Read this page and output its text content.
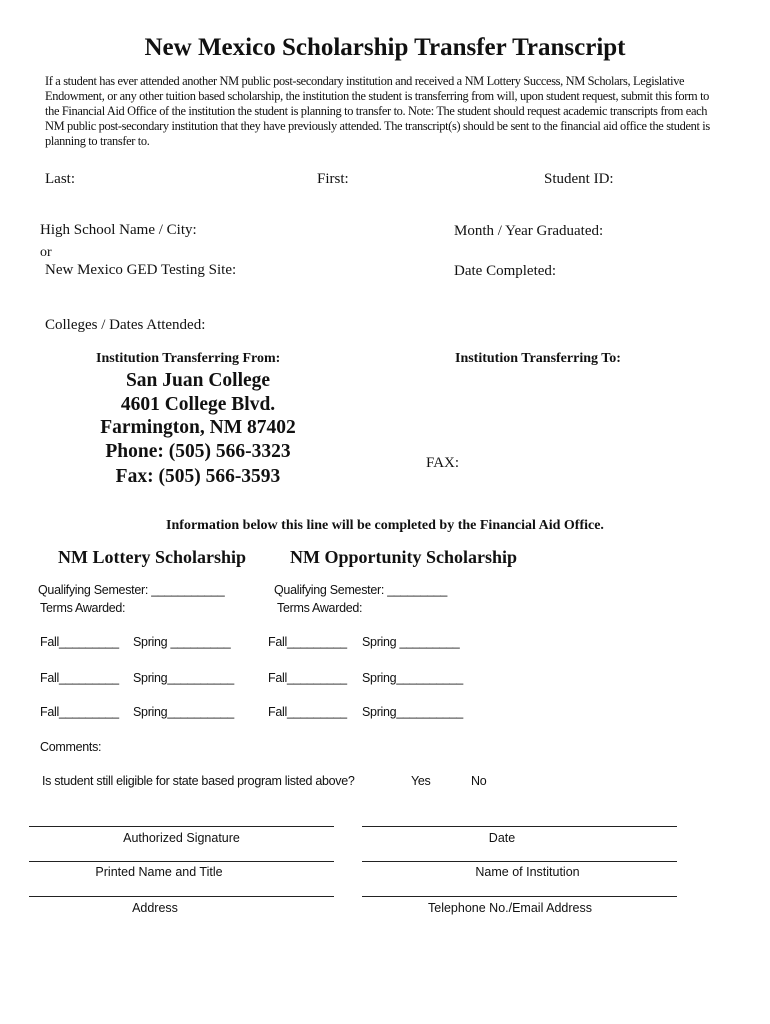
New Mexico Scholarship Transfer Transcript
If a student has ever attended another NM public post-secondary institution and received a NM Lottery Success, NM Scholars, Legislative Endowment, or any other tuition based scholarship, the institution the student is transferring from will, upon student request, submit this form to the Financial Aid Office of the institution the student is planning to transfer to. Note: The student should request academic transcripts from each NM public post-secondary institution that they have previously attended. The transcript(s) should be sent to the financial aid office the student is planning to transfer to.
Last:	First:	Student ID:
High School Name / City:	Month / Year Graduated:
or
New Mexico GED Testing Site:	Date Completed:
Colleges / Dates Attended:
Institution Transferring From:	Institution Transferring To:
San Juan College
4601 College Blvd.
Farmington, NM 87402
Phone: (505) 566-3323
Fax: (505) 566-3593
FAX:
Information below this line will be completed by the Financial Aid Office.
NM Lottery Scholarship NM Opportunity Scholarship
Qualifying Semester: ___________
Terms Awarded:
Qualifying Semester: _________
Terms Awarded:
Fall_________ Spring _________	Fall_________ Spring _________
Fall_________ Spring__________	Fall_________ Spring__________
Fall_________ Spring__________	Fall_________ Spring__________
Comments:
Is student still eligible for state based program listed above?	Yes	No
Authorized Signature	Date
Printed Name and Title	Name of Institution
Address	Telephone No./Email Address
